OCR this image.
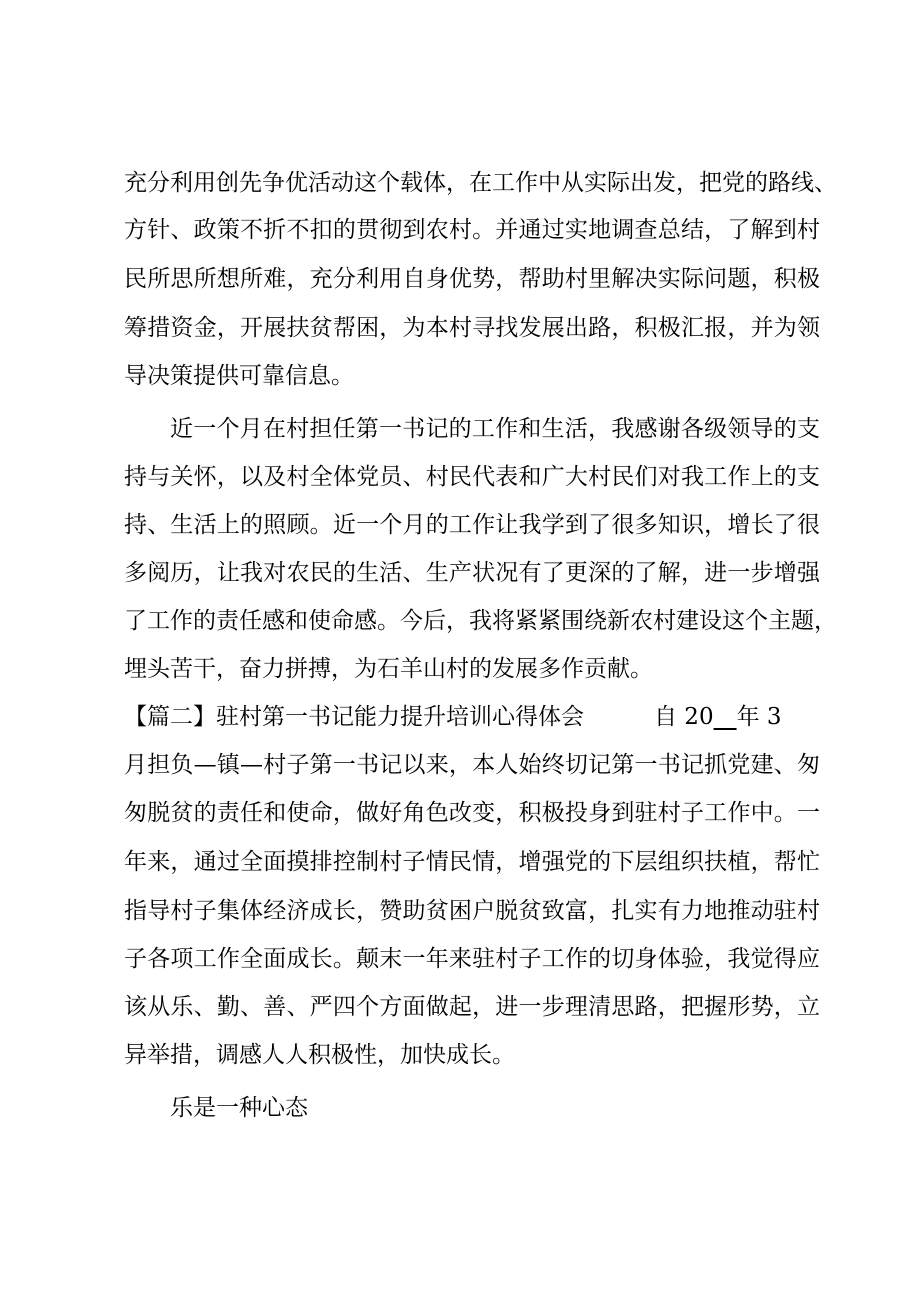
充分利用创先争优活动这个载体，在工作中从实际出发，把党的路线、
方针、政策不折不扣的贯彻到农村。并通过实地调查总结，了解到村
民所思所想所难，充分利用自身优势，帮助村里解决实际问题，积极
筹措资金，开展扶贫帮困，为本村寻找发展出路，积极汇报，并为领
导决策提供可靠信息。
近一个月在村担任第一书记的工作和生活，我感谢各级领导的支
持与关怀，以及村全体党员、村民代表和广大村民们对我工作上的支
持、生活上的照顾。近一个月的工作让我学到了很多知识，增长了很
多阅历，让我对农民的生活、生产状况有了更深的了解，进一步增强
了工作的责任感和使命感。今后，我将紧紧围绕新农村建设这个主题，
埋头苦干，奋力拼搏，为石羊山村的发展多作贡献。
【篇二】驻村第一书记能力提升培训心得体会	自 20　 年 3
月担负—镇—村子第一书记以来，本人始终切记第一书记抓党建、匆
匆脱贫的责任和使命，做好角色改变，积极投身到驻村子工作中。一
年来，通过全面摸排控制村子情民情，增强党的下层组织扶植，帮忙
指导村子集体经济成长，赞助贫困户脱贫致富，扎实有力地推动驻村
子各项工作全面成长。颠末一年来驻村子工作的切身体验，我觉得应
该从乐、勤、善、严四个方面做起，进一步理清思路，把握形势，立
异举措，调感人人积极性，加快成长。
乐是一种心态
